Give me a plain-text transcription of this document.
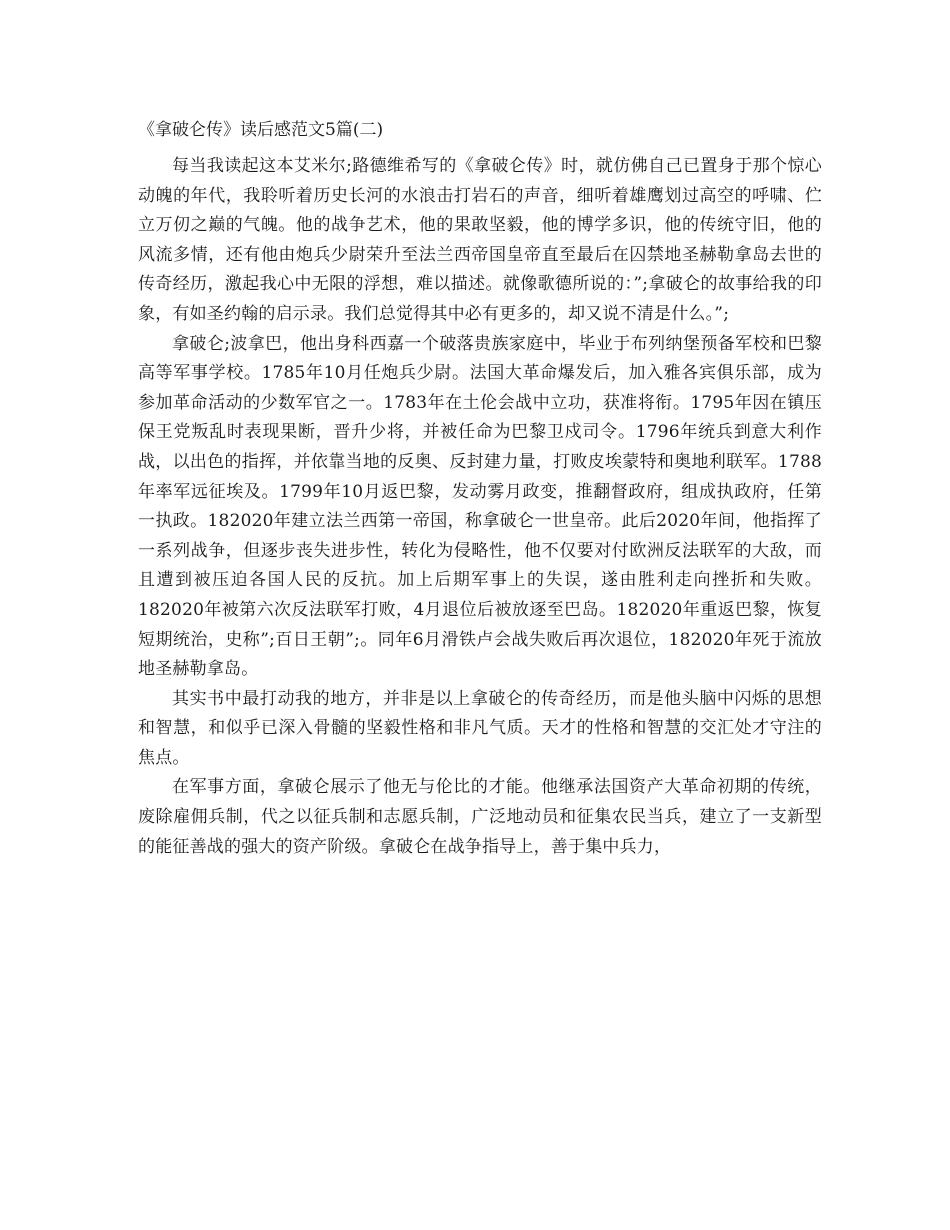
《拿破仑传》读后感范文5篇(二)

每当我读起这本艾米尔;路德维希写的《拿破仑传》时，就仿佛自己已置身于那个惊心动魄的年代，我聆听着历史长河的水浪击打岩石的声音，细听着雄鹰划过高空的呼啸、伫立万仞之巅的气魄。他的战争艺术，他的果敢坚毅，他的博学多识，他的传统守旧，他的风流多情，还有他由炮兵少尉荣升至法兰西帝国皇帝直至最后在囚禁地圣赫勒拿岛去世的传奇经历，激起我心中无限的浮想，难以描述。就像歌德所说的：”;拿破仑的故事给我的印象，有如圣约翰的启示录。我们总觉得其中必有更多的，却又说不清是什么。”;

拿破仑;波拿巴，他出身科西嘉一个破落贵族家庭中，毕业于布列纳堡预备军校和巴黎高等军事学校。1785年10月任炮兵少尉。法国大革命爆发后，加入雅各宾俱乐部，成为参加革命活动的少数军官之一。1783年在土伦会战中立功，获准将衔。1795年因在镇压保王党叛乱时表现果断，晋升少将，并被任命为巴黎卫戍司令。1796年统兵到意大利作战，以出色的指挥，并依靠当地的反奥、反封建力量，打败皮埃蒙特和奥地利联军。1788年率军远征埃及。1799年10月返巴黎，发动雾月政变，推翻督政府，组成执政府，任第一执政。182020年建立法兰西第一帝国，称拿破仑一世皇帝。此后2020年间，他指挥了一系列战争，但逐步丧失进步性，转化为侵略性，他不仅要对付欧洲反法联军的大敌，而且遭到被压迫各国人民的反抗。加上后期军事上的失误，遂由胜利走向挫折和失败。182020年被第六次反法联军打败，4月退位后被放逐至巴岛。182020年重返巴黎，恢复短期统治，史称”;百日王朝”;。同年6月滑铁卢会战失败后再次退位，182020年死于流放地圣赫勒拿岛。

其实书中最打动我的地方，并非是以上拿破仑的传奇经历，而是他头脑中闪烁的思想和智慧，和似乎已深入骨髓的坚毅性格和非凡气质。天才的性格和智慧的交汇处才守注的焦点。

在军事方面，拿破仑展示了他无与伦比的才能。他继承法国资产大革命初期的传统，废除雇佣兵制，代之以征兵制和志愿兵制，广泛地动员和征集农民当兵，建立了一支新型的能征善战的强大的资产阶级。拿破仑在战争指导上，善于集中兵力，
